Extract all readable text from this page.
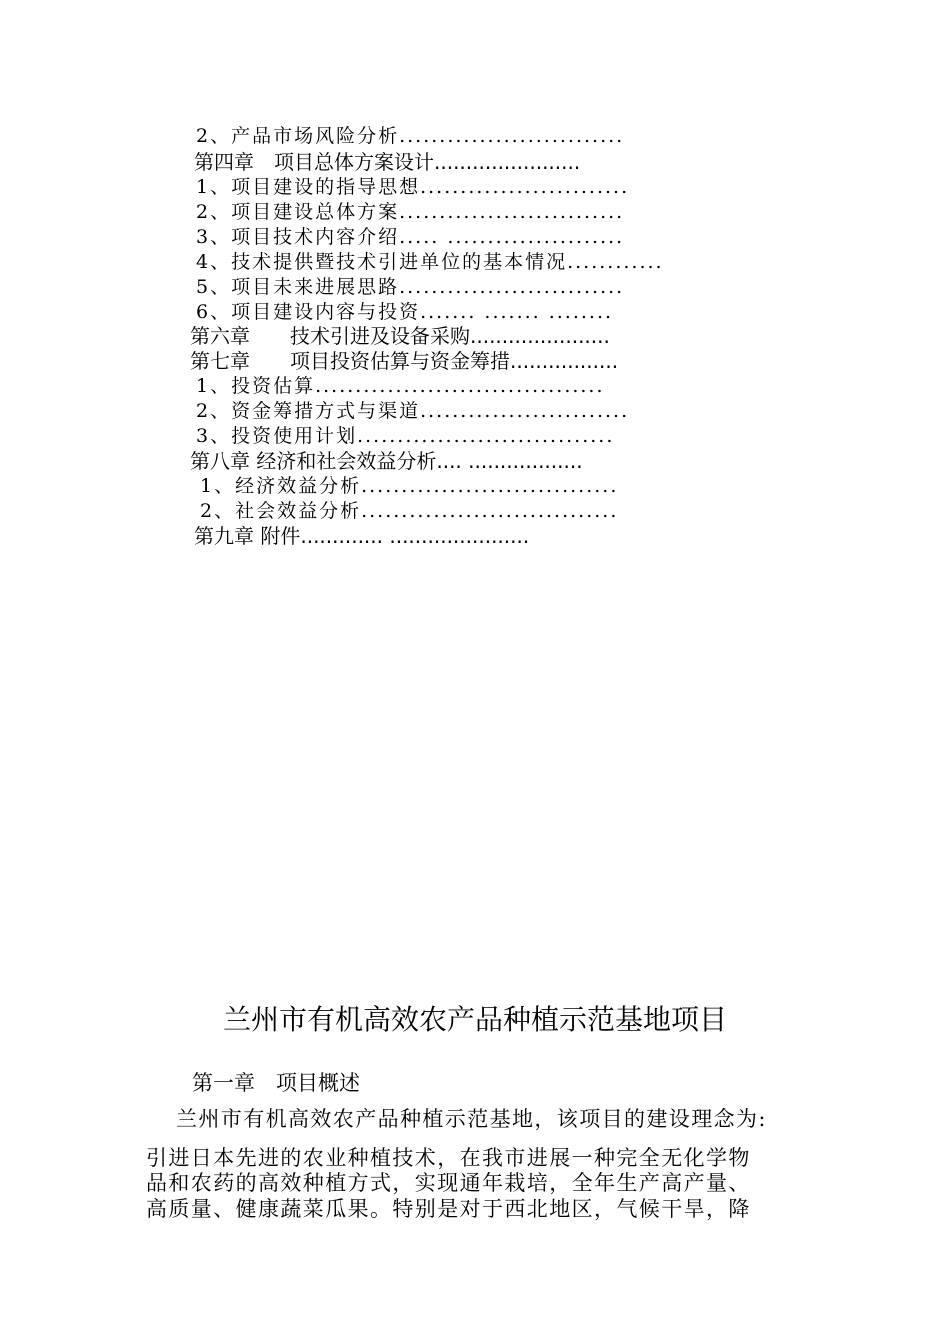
2、产品市场风险分析............................
第四章　项目总体方案设计.......................
1、项目建设的指导思想..........................
2、项目建设总体方案............................
3、项目技术内容介绍..... ......................
4、技术提供暨技术引进单位的基本情况............
5、项目未来进展思路............................
6、项目建设内容与投资....... ....... ........
第六章　　技术引进及设备采购......................
第七章　　项目投资估算与资金筹措.................
1、投资估算....................................
2、资金筹措方式与渠道..........................
3、投资使用计划................................
第八章 经济和社会效益分析.... ..................
1、经济效益分析................................
2、社会效益分析................................
第九章 附件............. ......................
兰州市有机高效农产品种植示范基地项目
第一章　项目概述
兰州市有机高效农产品种植示范基地，该项目的建设理念为:
引进日本先进的农业种植技术，在我市进展一种完全无化学物
品和农药的高效种植方式，实现通年栽培，全年生产高产量、
高质量、健康蔬菜瓜果。特别是对于西北地区，气候干旱，降
